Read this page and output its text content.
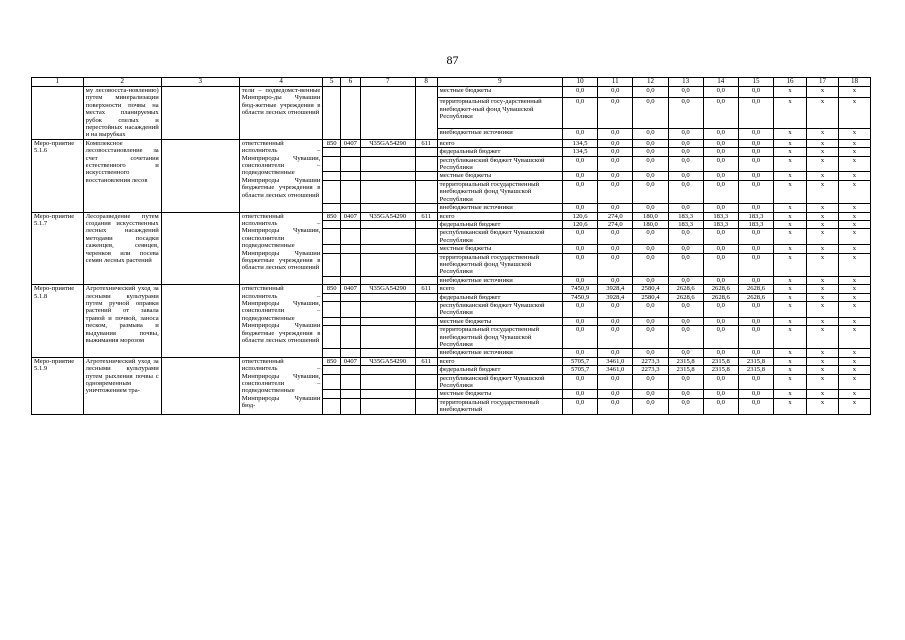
87
1	2	3	4	5	6	7	8	9	10	11	12	13	14	15	16	17	18
	му лесовосста-новлению) путем минерализации поверхности почвы на местах планируемых рубок спелых и перестойных насаждений и на вырубках		тели – подведомст-венные Минприро-ды Чувашии бюд-жетные учреждения в области лесных отношений					местные бюджеты	0,0	0,0	0,0	0,0	0,0	0,0	x	x	x
								территориальный госу-дарственный внебюджет-ный фонд Чувашской Республики	0,0	0,0	0,0	0,0	0,0	0,0	x	x	x
								внебюджетные источники	0,0	0,0	0,0	0,0	0,0	0,0	x	x	x
Меро-приятие 5.1.6	Комплексное лесовосстановление за счет сочетания естественного и искусственного восстановления лесов		ответственный исполнитель – Минприроды Чувашии, соисполнители – подведомственные Минприроды Чувашии бюджетные учреждения в области лесных отношений	850	0407	Ч35GA54290	611	всего	134,5	0,0	0,0	0,0	0,0	0,0	x	x	x
								федеральный бюджет	134,5	0,0	0,0	0,0	0,0	0,0	x	x	x
								республиканский бюджет Чувашской Республики	0,0	0,0	0,0	0,0	0,0	0,0	x	x	x
								местные бюджеты	0,0	0,0	0,0	0,0	0,0	0,0	x	x	x
								территориальный государственный внебюджетный фонд Чувашской Республики	0,0	0,0	0,0	0,0	0,0	0,0	x	x	x
								внебюджетные источники	0,0	0,0	0,0	0,0	0,0	0,0	x	x	x
Меро-приятие 5.1.7	Лесоразведение путем создания искусственных лесных насаждений методами посадки саженцев, сеянцев, черенков или посева семян лесных растений		ответственный исполнитель – Минприроды Чувашии, соисполнители подведомственные Минприроды Чувашии бюджетные учреждения в области лесных отношений	850	0407	Ч35GA54290	611	всего	120,6	274,0	180,0	183,3	183,3	183,3	x	x	x
								федеральный бюджет	120,6	274,0	180,0	183,3	183,3	183,3	x	x	x
								республиканский бюджет Чувашской Республики	0,0	0,0	0,0	0,0	0,0	0,0	x	x	x
								местные бюджеты	0,0	0,0	0,0	0,0	0,0	0,0	x	x	x
								территориальный государственный внебюджетный фонд Чувашской Республики	0,0	0,0	0,0	0,0	0,0	0,0	x	x	x
								внебюджетные источники	0,0	0,0	0,0	0,0	0,0	0,0	x	x	x
Меро-приятие 5.1.8	Агротехнический уход за лесными культурами путем ручной оправки растений от завала травой и почвой, заноса песком, размыва и выдувания почвы, выжимания морозом		ответственный исполнитель – Минприроды Чувашии, соисполнители – подведомственные Минприроды Чувашии бюджетные учреждения в области лесных отношений	850	0407	Ч35GA54290	611	всего	7450,9	3928,4	2580,4	2628,6	2628,6	2628,6	x	x	x
								федеральный бюджет	7450,9	3928,4	2580,4	2628,6	2628,6	2628,6	x	x	x
								республиканский бюджет Чувашской Республики	0,0	0,0	0,0	0,0	0,0	0,0	x	x	x
								местные бюджеты	0,0	0,0	0,0	0,0	0,0	0,0	x	x	x
								территориальный государственный внебюджетный фонд Чувашской Республики	0,0	0,0	0,0	0,0	0,0	0,0	x	x	x
								внебюджетные источники	0,0	0,0	0,0	0,0	0,0	0,0	x	x	x
Меро-приятие 5.1.9	Агротехнический уход за лесными культурами путем рыхления почвы с одновременным уничтожением тра-		ответственный исполнитель – Минприроды Чувашии, соисполнители – подведомственные Минприроды Чувашии бюд-	850	0407	Ч35GA54290	611	всего	5705,7	3461,0	2273,3	2315,8	2315,8	2315,8	x	x	x
								федеральный бюджет	5705,7	3461,0	2273,3	2315,8	2315,8	2315,8	x	x	x
								республиканский бюджет Чувашской Республики	0,0	0,0	0,0	0,0	0,0	0,0	x	x	x
								местные бюджеты	0,0	0,0	0,0	0,0	0,0	0,0	x	x	x
								территориальный государственный внебюджетный	0,0	0,0	0,0	0,0	0,0	0,0	x	x	x
